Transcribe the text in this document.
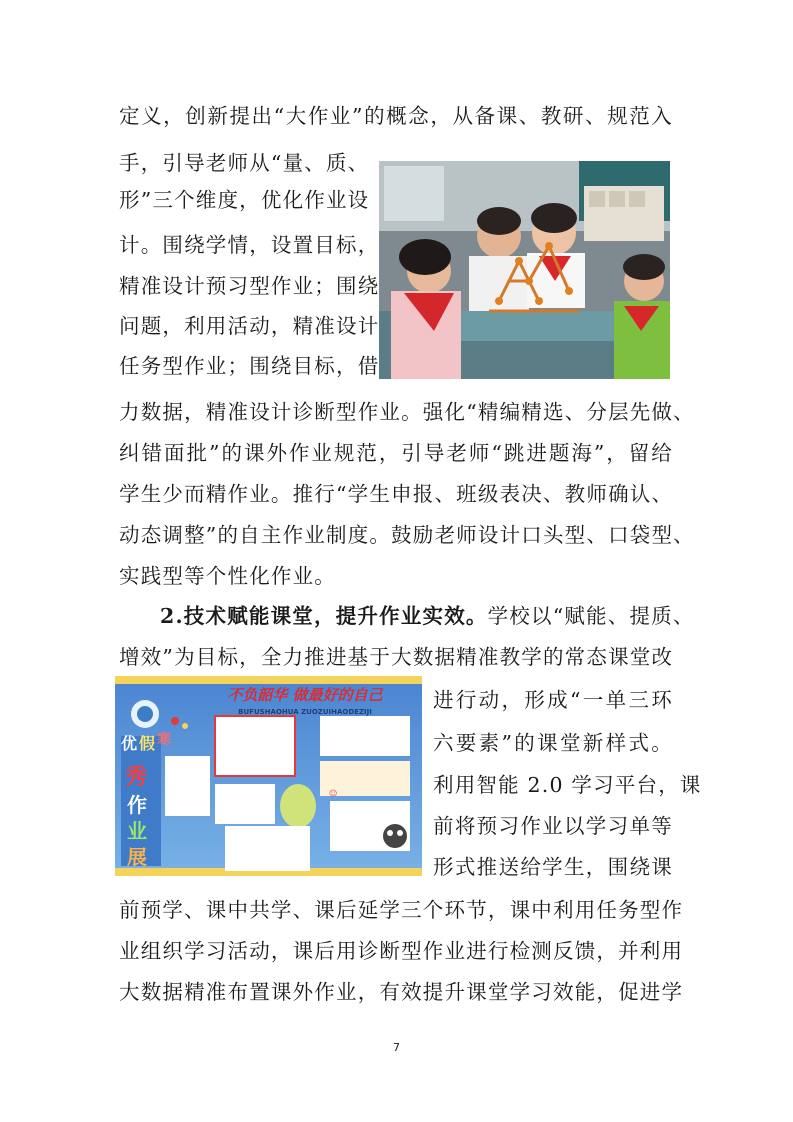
定义，创新提出“大作业”的概念，从备课、教研、规范入
手，引导老师从“量、质、
形”三个维度，优化作业设
计。围绕学情，设置目标，
精准设计预习型作业；围绕
问题，利用活动，精准设计
任务型作业；围绕目标，借
力数据，精准设计诊断型作业。强化“精编精选、分层先做、
纠错面批”的课外作业规范，引导老师“跳进题海”，留给
学生少而精作业。推行“学生申报、班级表决、教师确认、
动态调整”的自主作业制度。鼓励老师设计口头型、口袋型、
实践型等个性化作业。
2.技术赋能课堂，提升作业实效。学校以“赋能、提质、
增效”为目标，全力推进基于大数据精准教学的常态课堂改
进行动，形成“一单三环
六要素”的课堂新样式。
利用智能 2.0 学习平台，课
前将预习作业以学习单等
形式推送给学生，围绕课
前预学、课中共学、课后延学三个环节，课中利用任务型作
业组织学习活动，课后用诊断型作业进行检测反馈，并利用
大数据精准布置课外作业，有效提升课堂学习效能，促进学
☺
不负韶华 做最好的自己
BUFUSHAOHUA ZUOZUIHAODEZIJI
优 假 寒
秀
作
业
展
7
